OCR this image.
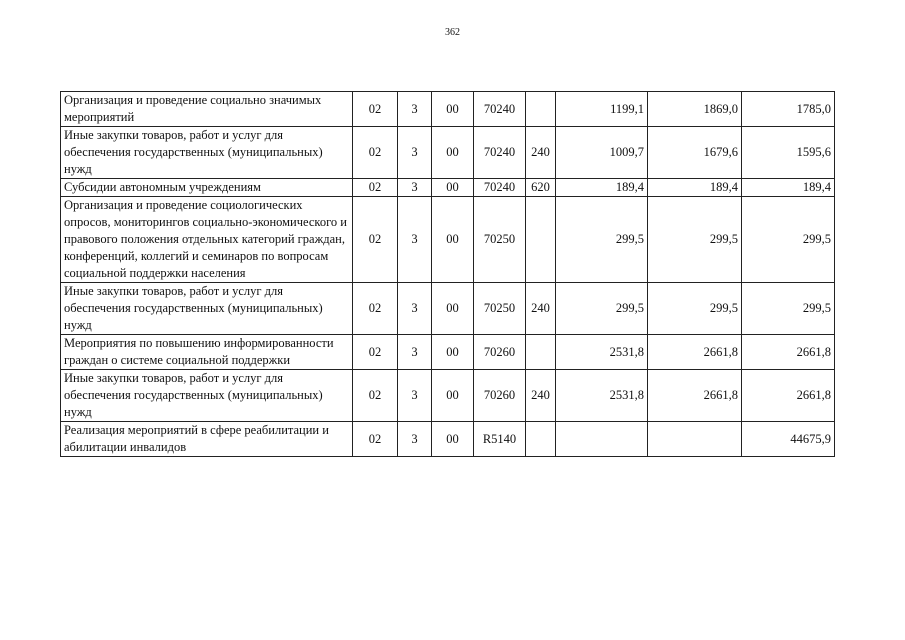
362
Организация и проведение социально значимых мероприятий	02	3	00	70240		1199,1	1869,0	1785,0
Иные закупки товаров, работ и услуг для обеспечения государственных (муниципальных) нужд	02	3	00	70240	240	1009,7	1679,6	1595,6
Субсидии автономным учреждениям	02	3	00	70240	620	189,4	189,4	189,4
Организация и проведение социологических опросов, мониторингов социально-экономического и правового положения отдельных категорий граждан, конференций, коллегий и семинаров по вопросам социальной поддержки населения	02	3	00	70250		299,5	299,5	299,5
Иные закупки товаров, работ и услуг для обеспечения государственных (муниципальных) нужд	02	3	00	70250	240	299,5	299,5	299,5
Мероприятия по повышению информированности граждан о системе социальной поддержки	02	3	00	70260		2531,8	2661,8	2661,8
Иные закупки товаров, работ и услуг для обеспечения государственных (муниципальных) нужд	02	3	00	70260	240	2531,8	2661,8	2661,8
Реализация мероприятий в сфере реабилитации и абилитации инвалидов	02	3	00	R5140				44675,9
